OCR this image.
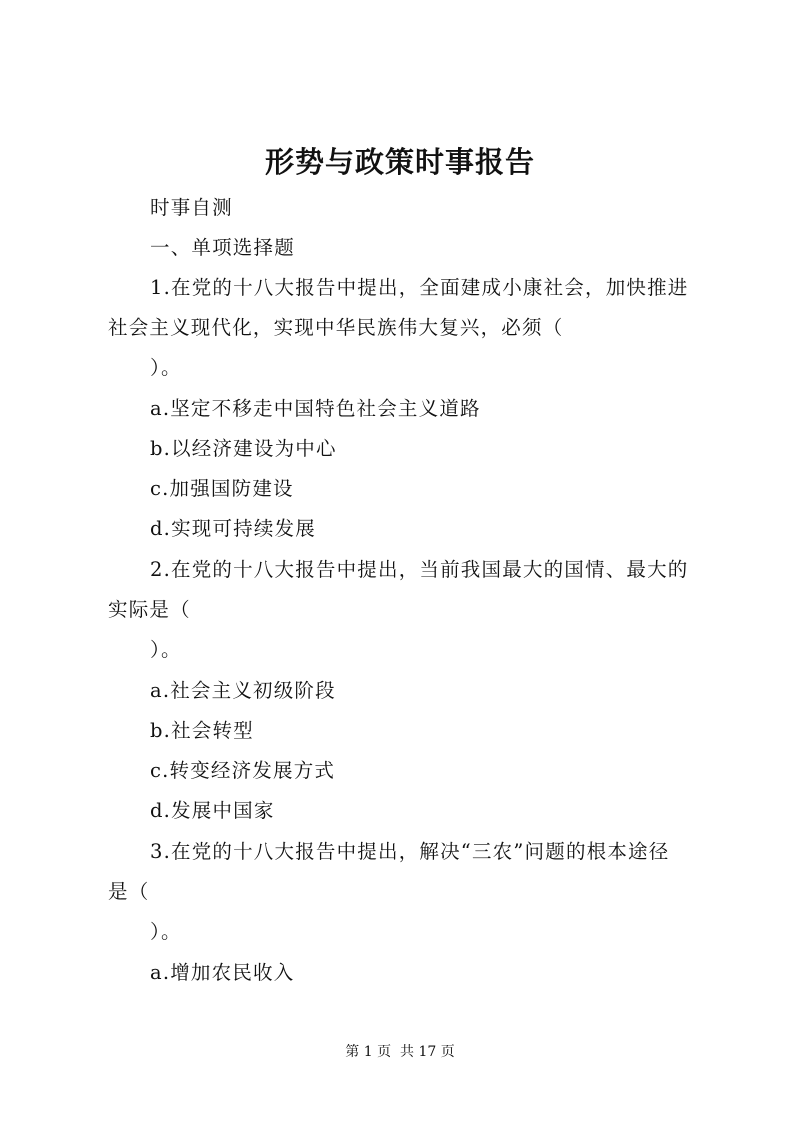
形势与政策时事报告
时事自测
一、单项选择题
1.在党的十八大报告中提出，全面建成小康社会，加快推进
社会主义现代化，实现中华民族伟大复兴，必须（
）。
a.坚定不移走中国特色社会主义道路
b.以经济建设为中心
c.加强国防建设
d.实现可持续发展
2.在党的十八大报告中提出，当前我国最大的国情、最大的
实际是（
）。
a.社会主义初级阶段
b.社会转型
c.转变经济发展方式
d.发展中国家
3.在党的十八大报告中提出，解决“三农”问题的根本途径
是（
）。
a.增加农民收入
第 1 页  共 17 页
